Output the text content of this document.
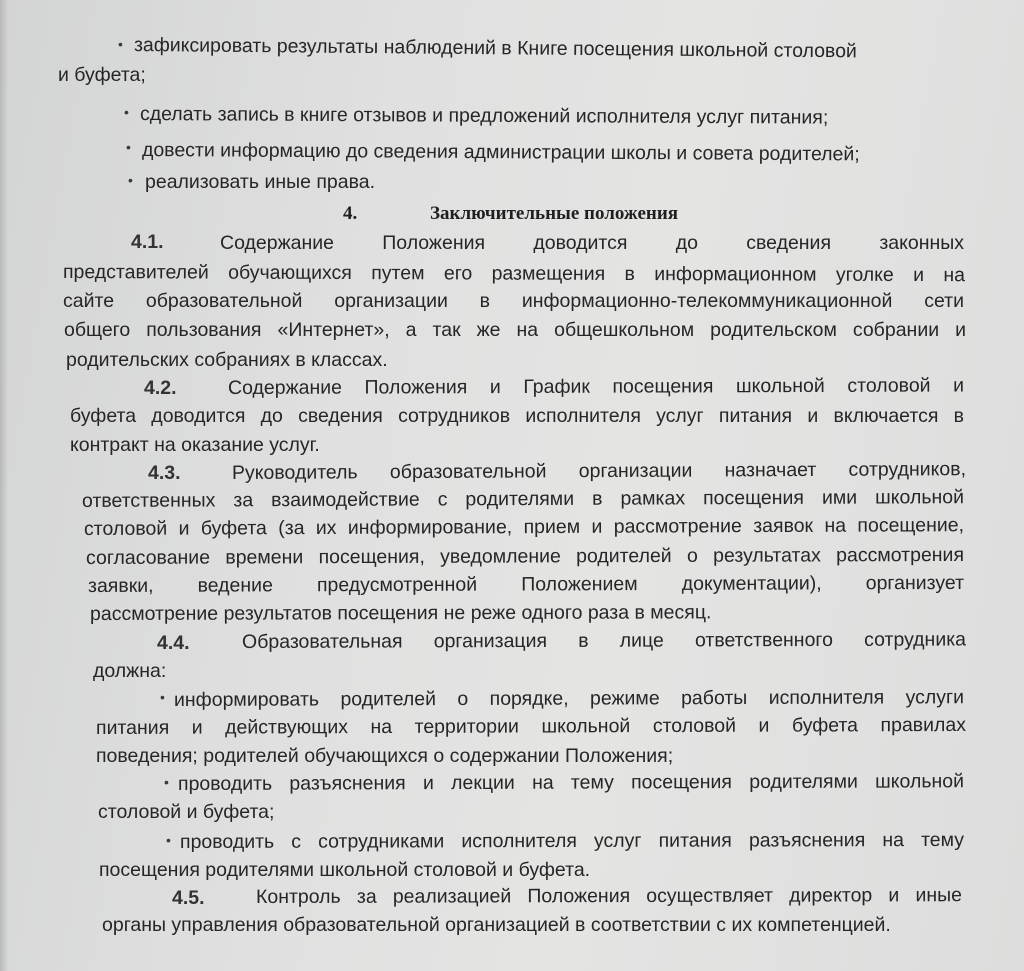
• зафиксировать результаты наблюдений в Книге посещения школьной столовой
и буфета;
• сделать запись в книге отзывов и предложений исполнителя услуг питания;
• довести информацию до сведения администрации школы и совета родителей;
• реализовать иные права.
4.	Заключительные положения
4.1.	Содержание Положения доводится до сведения законных
представителей обучающихся путем его размещения в информационном уголке и на
сайте образовательной организации в информационно-телекоммуникационной сети
общего пользования «Интернет», а так же на общешкольном родительском собрании и
родительских собраниях в классах.
4.2.	Содержание Положения и График посещения школьной столовой и
буфета доводится до сведения сотрудников исполнителя услуг питания и включается в
контракт на оказание услуг.
4.3.	Руководитель образовательной организации назначает сотрудников,
ответственных за взаимодействие с родителями в рамках посещения ими школьной
столовой и буфета (за их информирование, прием и рассмотрение заявок на посещение,
согласование времени посещения, уведомление родителей о результатах рассмотрения
заявки, ведение предусмотренной Положением документации), организует
рассмотрение результатов посещения не реже одного раза в месяц.
4.4.	Образовательная организация в лице ответственного сотрудника
должна:
• информировать родителей о порядке, режиме работы исполнителя услуги
питания и действующих на территории школьной столовой и буфета правилах
поведения; родителей обучающихся о содержании Положения;
• проводить разъяснения и лекции на тему посещения родителями школьной
столовой и буфета;
• проводить с сотрудниками исполнителя услуг питания разъяснения на тему
посещения родителями школьной столовой и буфета.
4.5.	Контроль за реализацией Положения осуществляет директор и иные
органы управления образовательной организацией в соответствии с их компетенцией.
